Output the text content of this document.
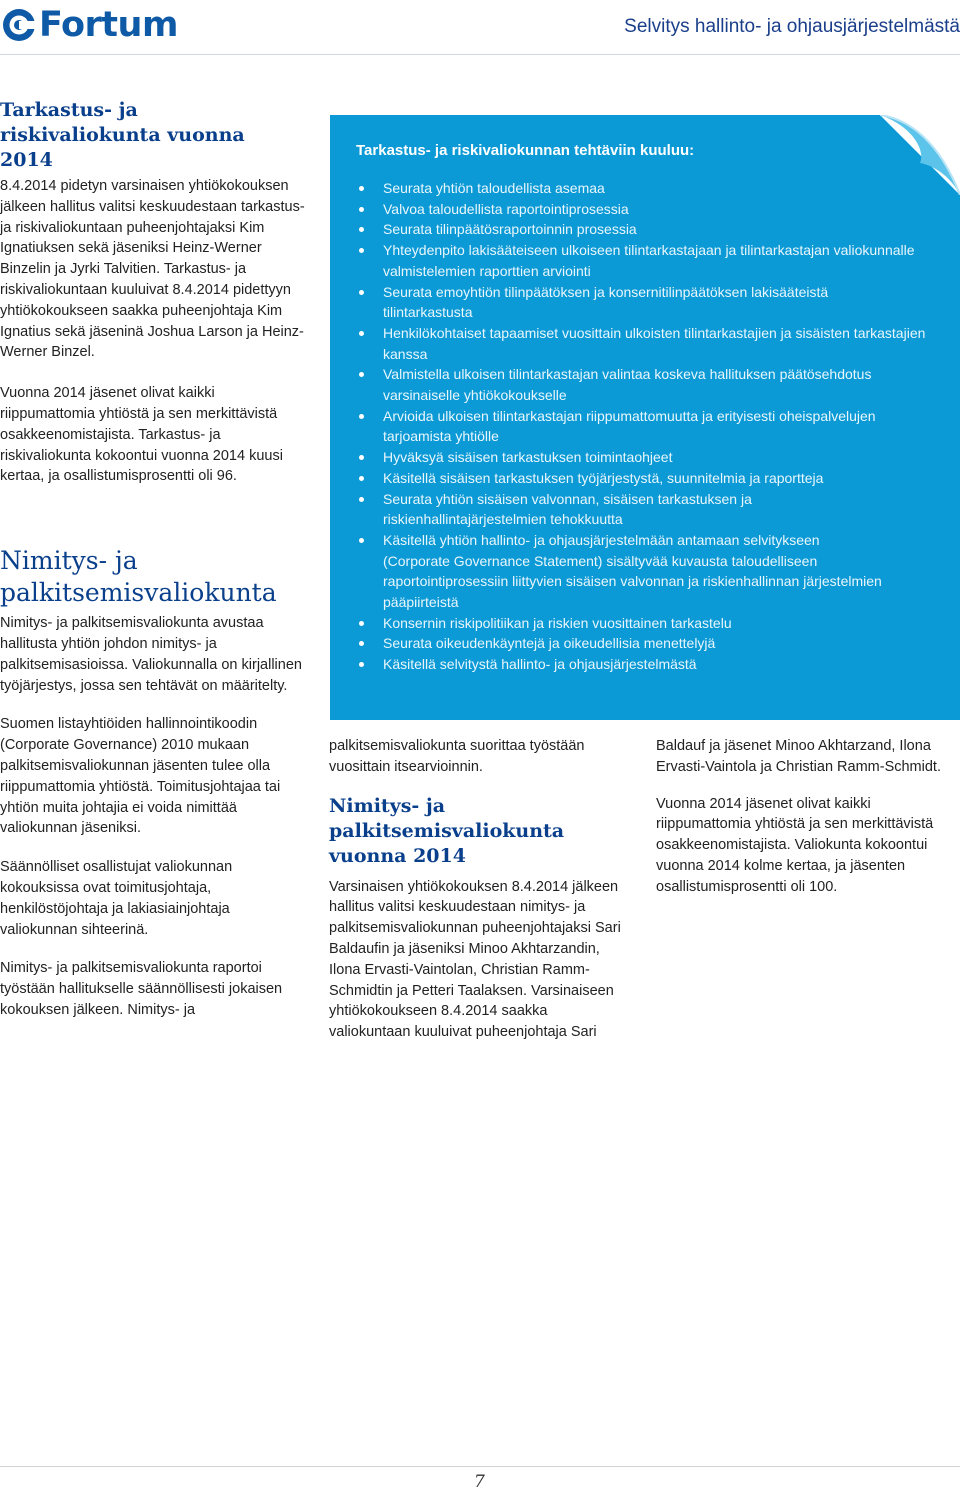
Fortum	Selvitys hallinto- ja ohjausjärjestelmästä
Tarkastus- ja riskivaliokunta vuonna 2014

8.4.2014 pidetyn varsinaisen yhtiökokouksen jälkeen hallitus valitsi keskuudestaan tarkastus- ja riskivaliokuntaan puheenjohtajaksi Kim Ignatiuksen sekä jäseniksi Heinz-Werner Binzelin ja Jyrki Talvitien. Tarkastus- ja riskivaliokuntaan kuuluivat 8.4.2014 pidettyyn yhtiökokoukseen saakka puheenjohtaja Kim Ignatius sekä jäseninä Joshua Larson ja Heinz-Werner Binzel.

Vuonna 2014 jäsenet olivat kaikki riippumattomia yhtiöstä ja sen merkittävistä osakkeenomistajista. Tarkastus- ja riskivaliokunta kokoontui vuonna 2014 kuusi kertaa, ja osallistumisprosentti oli 96.

Nimitys- ja palkitsemisvaliokunta

Nimitys- ja palkitsemisvaliokunta avustaa hallitusta yhtiön johdon nimitys- ja palkitsemisasioissa. Valiokunnalla on kirjallinen työjärjestys, jossa sen tehtävät on määritelty.

Suomen listayhtiöiden hallinnointikoodin (Corporate Governance) 2010 mukaan palkitsemisvaliokunnan jäsenten tulee olla riippumattomia yhtiöstä. Toimitusjohtajaa tai yhtiön muita johtajia ei voida nimittää valiokunnan jäseniksi.

Säännölliset osallistujat valiokunnan kokouksissa ovat toimitusjohtaja, henkilöstöjohtaja ja lakiasiainjohtaja valiokunnan sihteerinä.

Nimitys- ja palkitsemisvaliokunta raportoi työstään hallitukselle säännöllisesti jokaisen kokouksen jälkeen. Nimitys- ja

Tarkastus- ja riskivaliokunnan tehtäviin kuuluu:
Seurata yhtiön taloudellista asemaa
Valvoa taloudellista raportointiprosessia
Seurata tilinpäätösraportoinnin prosessia
Yhteydenpito lakisääteiseen ulkoiseen tilintarkastajaan ja tilintarkastajan valiokunnalle valmistelemien raporttien arviointi
Seurata emoyhtiön tilinpäätöksen ja konsernitilinpäätöksen lakisääteistä tilintarkastusta
Henkilökohtaiset tapaamiset vuosittain ulkoisten tilintarkastajien ja sisäisten tarkastajien kanssa
Valmistella ulkoisen tilintarkastajan valintaa koskeva hallituksen päätösehdotus varsinaiselle yhtiökokoukselle
Arvioida ulkoisen tilintarkastajan riippumattomuutta ja erityisesti oheispalvelujen tarjoamista yhtiölle
Hyväksyä sisäisen tarkastuksen toimintaohjeet
Käsitellä sisäisen tarkastuksen työjärjestystä, suunnitelmia ja raportteja
Seurata yhtiön sisäisen valvonnan, sisäisen tarkastuksen ja riskienhallintajärjestelmien tehokkuutta
Käsitellä yhtiön hallinto- ja ohjausjärjestelmään antamaan selvitykseen (Corporate Governance Statement) sisältyvää kuvausta taloudelliseen raportointiprosessiin liittyvien sisäisen valvonnan ja riskienhallinnan järjestelmien pääpiirteistä
Konsernin riskipolitiikan ja riskien vuosittainen tarkastelu
Seurata oikeudenkäyntejä ja oikeudellisia menettelyjä
Käsitellä selvitystä hallinto- ja ohjausjärjestelmästä

palkitsemisvaliokunta suorittaa työstään vuosittain itsearvioinnin.

Nimitys- ja palkitsemisvaliokunta vuonna 2014

Varsinaisen yhtiökokouksen 8.4.2014 jälkeen hallitus valitsi keskuudestaan nimitys- ja palkitsemisvaliokunnan puheenjohtajaksi Sari Baldaufin ja jäseniksi Minoo Akhtarzandin, Ilona Ervasti-Vaintolan, Christian Ramm-Schmidtin ja Petteri Taalaksen. Varsinaiseen yhtiökokoukseen 8.4.2014 saakka valiokuntaan kuuluivat puheenjohtaja Sari

Baldauf ja jäsenet Minoo Akhtarzand, Ilona Ervasti-Vaintola ja Christian Ramm-Schmidt.

Vuonna 2014 jäsenet olivat kaikki riippumattomia yhtiöstä ja sen merkittävistä osakkeenomistajista. Valiokunta kokoontui vuonna 2014 kolme kertaa, ja jäsenten osallistumisprosentti oli 100.

7
